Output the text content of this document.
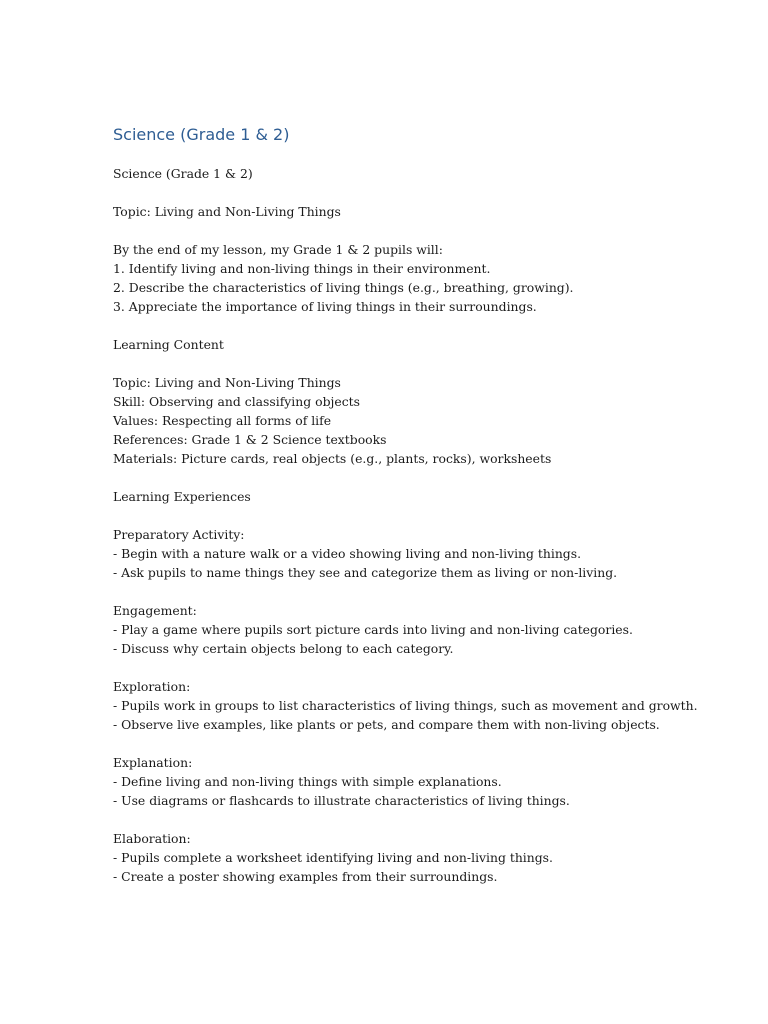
Science (Grade 1 & 2)

Science (Grade 1 & 2)

Topic: Living and Non-Living Things

By the end of my lesson, my Grade 1 & 2 pupils will:
1. Identify living and non-living things in their environment.
2. Describe the characteristics of living things (e.g., breathing, growing).
3. Appreciate the importance of living things in their surroundings.

Learning Content

Topic: Living and Non-Living Things
Skill: Observing and classifying objects
Values: Respecting all forms of life
References: Grade 1 & 2 Science textbooks
Materials: Picture cards, real objects (e.g., plants, rocks), worksheets

Learning Experiences

Preparatory Activity:
- Begin with a nature walk or a video showing living and non-living things.
- Ask pupils to name things they see and categorize them as living or non-living.

Engagement:
- Play a game where pupils sort picture cards into living and non-living categories.
- Discuss why certain objects belong to each category.

Exploration:
- Pupils work in groups to list characteristics of living things, such as movement and growth.
- Observe live examples, like plants or pets, and compare them with non-living objects.

Explanation:
- Define living and non-living things with simple explanations.
- Use diagrams or flashcards to illustrate characteristics of living things.

Elaboration:
- Pupils complete a worksheet identifying living and non-living things.
- Create a poster showing examples from their surroundings.
